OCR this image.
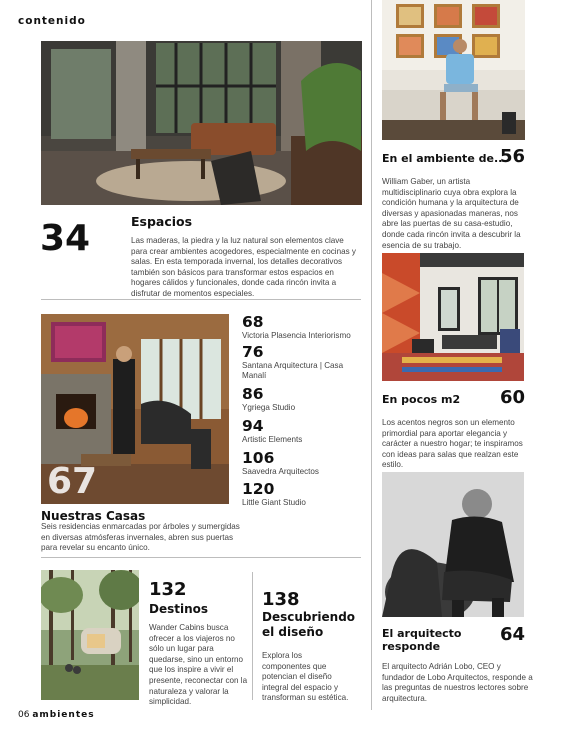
contenido
34	Espacios
Las maderas, la piedra y la luz natural son elementos clave para crear ambientes acogedores, especialmente en cocinas y salas. En esta temporada invernal, los detalles decorativos también son básicos para transformar estos espacios en hogares cálidos y funcionales, donde cada rincón invita a disfrutar de momentos especiales.
67
68
Victoria Plasencia Interiorismo
76
Santana Arquitectura | Casa Manalí
86
Ygriega Studio
94
Artistic Elements
106
Saavedra Arquitectos
120
Little Giant Studio
Nuestras Casas
Seis residencias enmarcadas por árboles y sumergidas en diversas atmósferas invernales, abren sus puertas para revelar su encanto único.
132
Destinos
Wander Cabins busca ofrecer a los viajeros no sólo un lugar para quedarse, sino un entorno que los inspire a vivir el presente, reconectar con la naturaleza y valorar la simplicidad.
138
Descubriendo el diseño
Explora los componentes que potencian el diseño integral del espacio y transforman su estética.
En el ambiente de...
56
William Gaber, un artista multidisciplinario cuya obra explora la condición humana y la arquitectura de diversas y apasionadas maneras, nos abre las puertas de su casa-estudio, donde cada rincón invita a descubrir la esencia de su trabajo.
En pocos m2 60
Los acentos negros son un elemento primordial para aportar elegancia y carácter a nuestro hogar; te inspiramos con ideas para salas que realzan este estilo.
El arquitecto responde
64
El arquitecto Adrián Lobo, CEO y fundador de Lobo Arquitectos, responde a las preguntas de nuestros lectores sobre arquitectura.
06 ambientes
